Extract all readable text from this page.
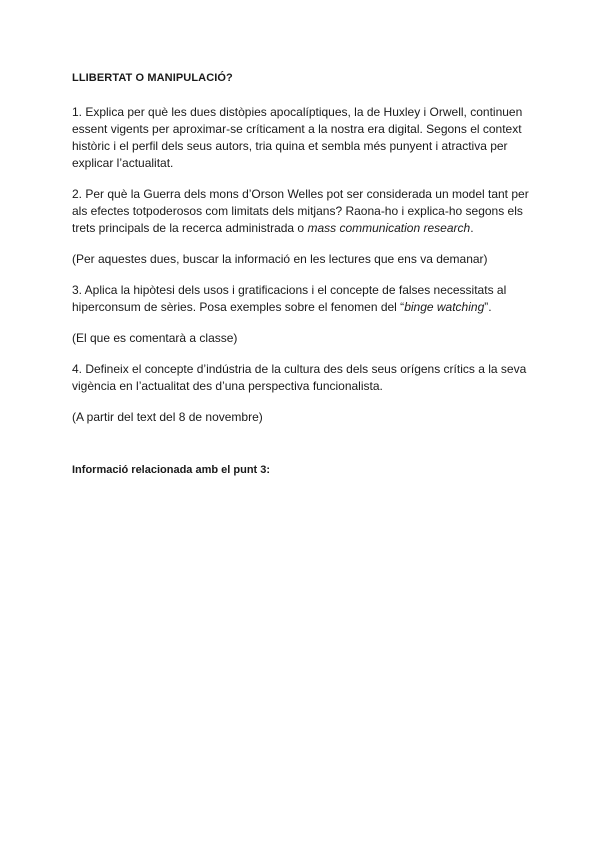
LLIBERTAT O MANIPULACIÓ?

1. Explica per què les dues distòpies apocalíptiques, la de Huxley i Orwell, continuen essent vigents per aproximar-se críticament a la nostra era digital. Segons el context històric i el perfil dels seus autors, tria quina et sembla més punyent i atractiva per explicar l’actualitat.

2. Per què la Guerra dels mons d’Orson Welles pot ser considerada un model tant per als efectes totpoderosos com limitats dels mitjans? Raona-ho i explica-ho segons els trets principals de la recerca administrada o mass communication research.

(Per aquestes dues, buscar la informació en les lectures que ens va demanar)

3. Aplica la hipòtesi dels usos i gratificacions i el concepte de falses necessitats al hiperconsum de sèries. Posa exemples sobre el fenomen del “binge watching”.

(El que es comentarà a classe)

4. Defineix el concepte d’indústria de la cultura des dels seus orígens crítics a la seva vigència en l’actualitat des d’una perspectiva funcionalista.

(A partir del text del 8 de novembre)

Informació relacionada amb el punt 3:
